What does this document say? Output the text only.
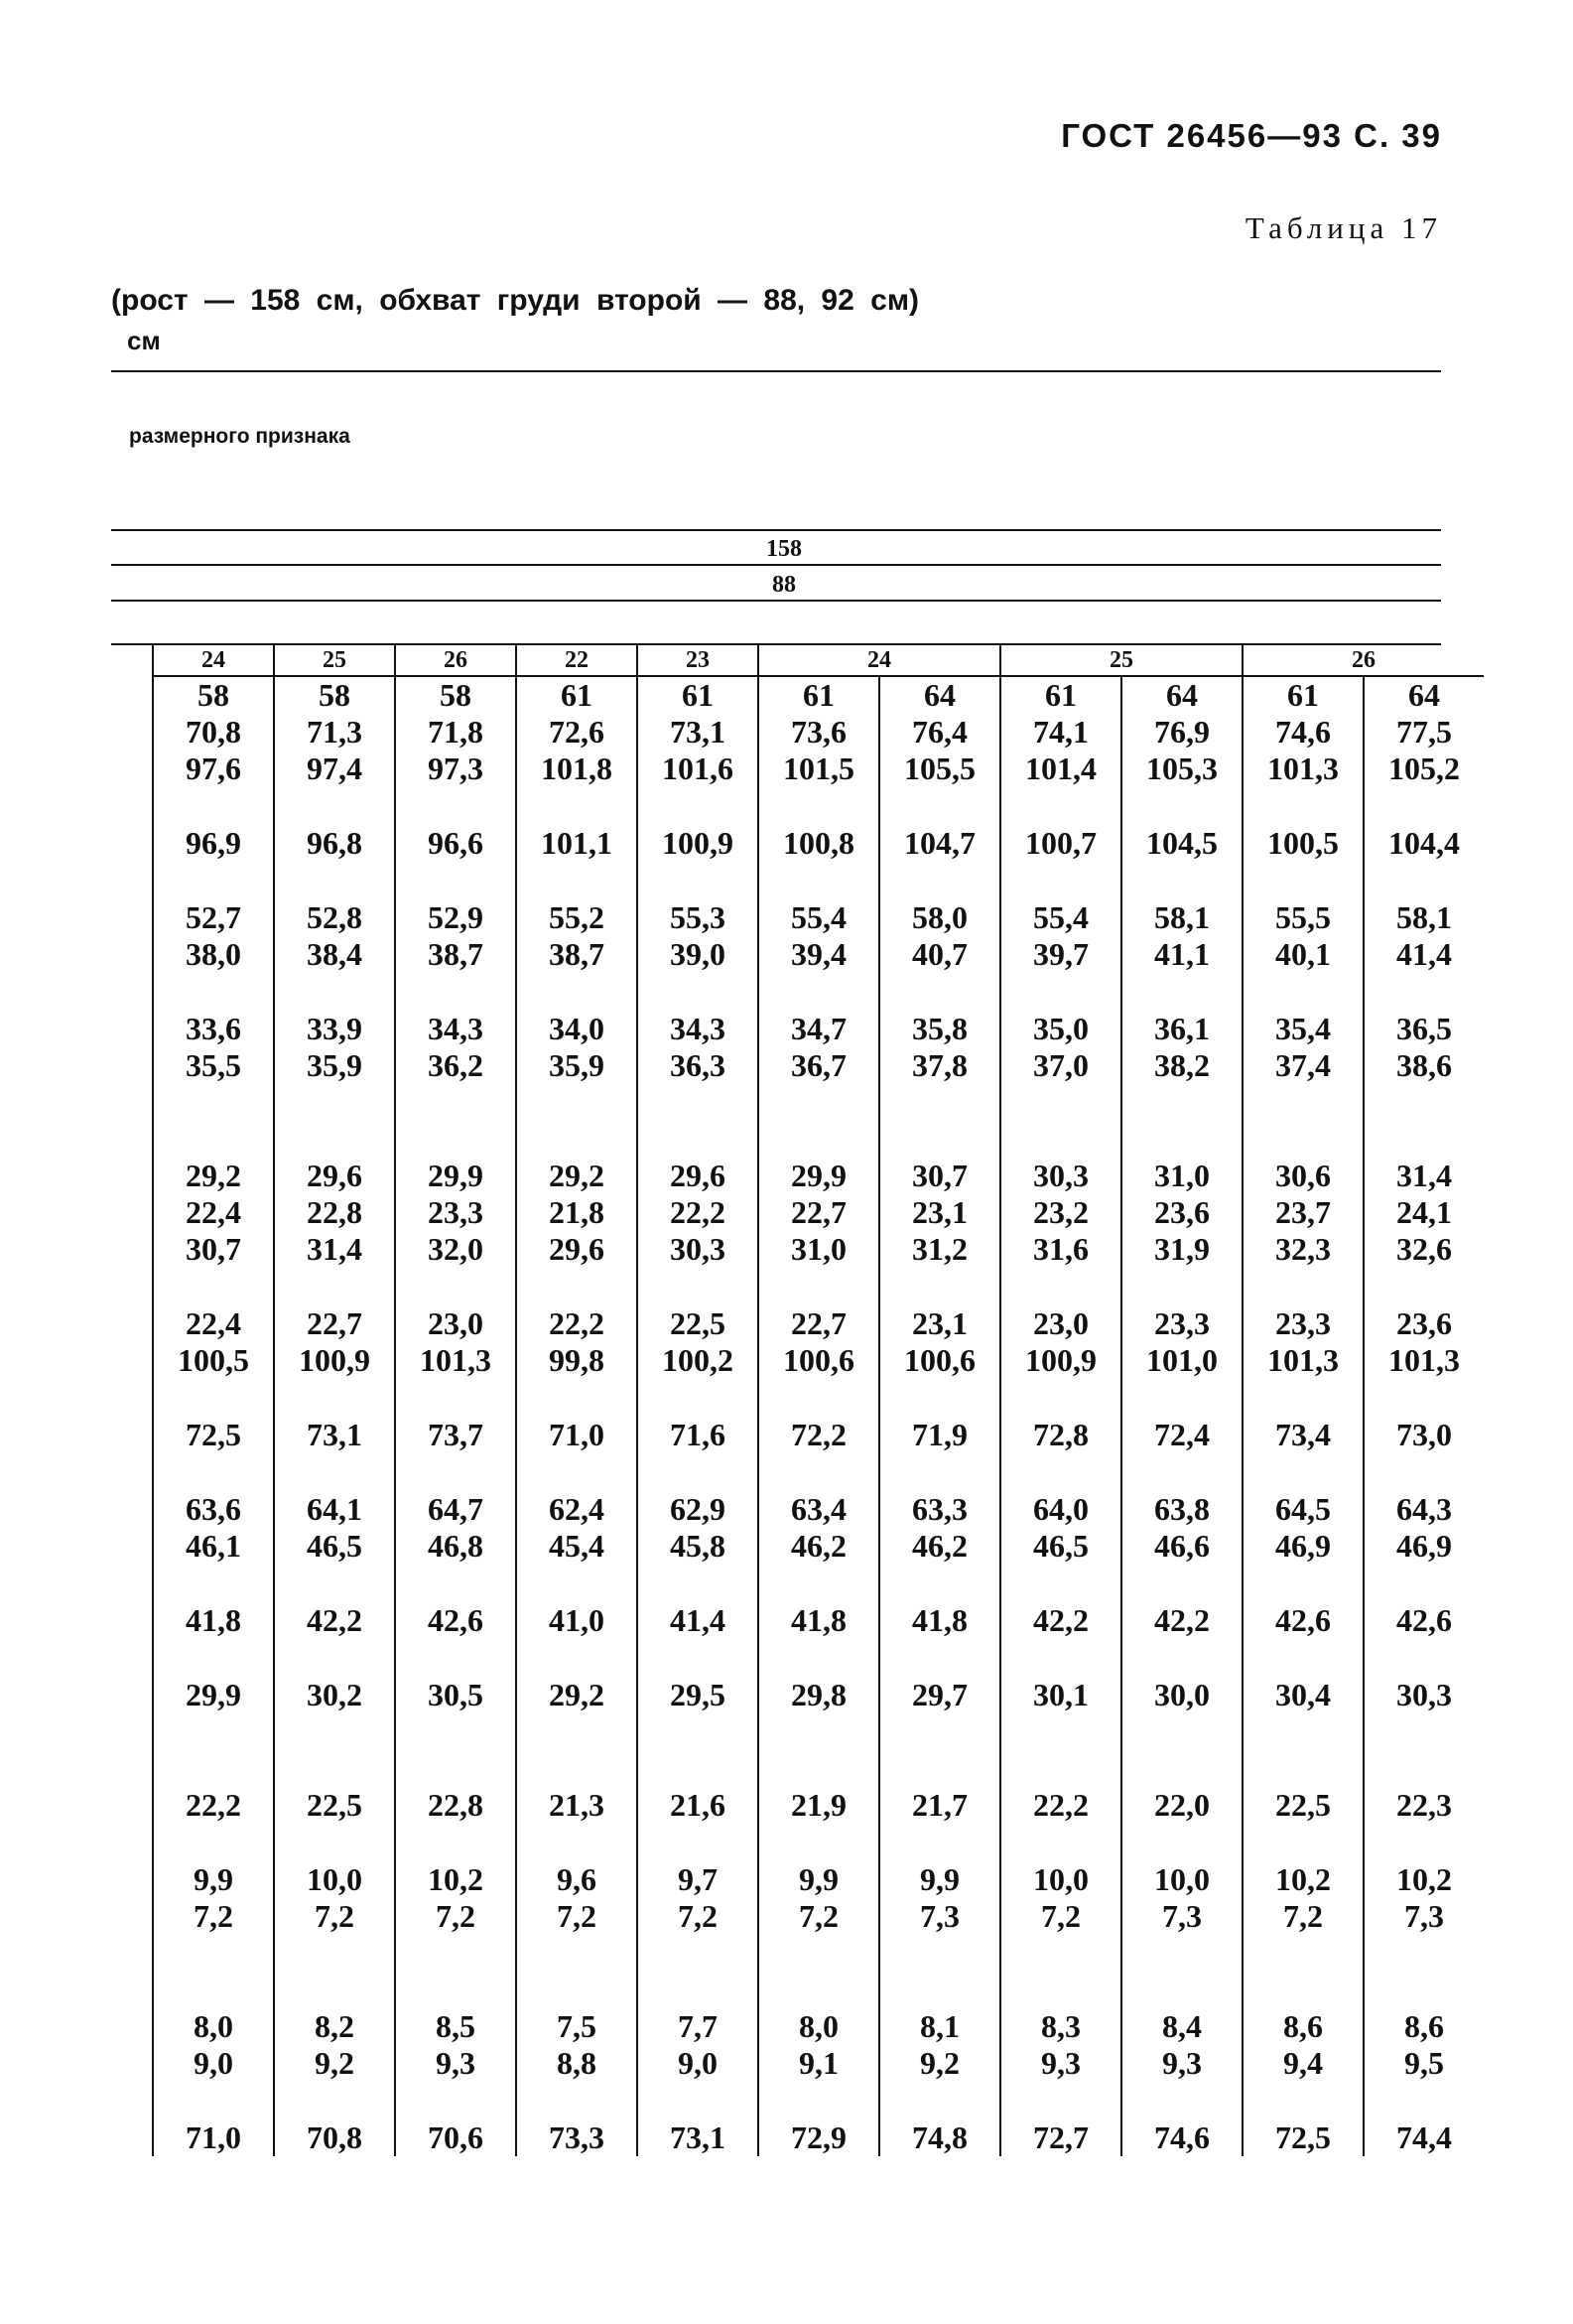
ГОСТ 26456—93 С. 39
Таблица 17
(рост — 158 см, обхват груди второй — 88, 92 см)
см
размерного признака
158
88
24	25	26	22	23	24		25		26	
58	58	58	61	61	61	64	61	64	61	64
70,8	71,3	71,8	72,6	73,1	73,6	76,4	74,1	76,9	74,6	77,5
97,6	97,4	97,3	101,8	101,6	101,5	105,5	101,4	105,3	101,3	105,2

96,9	96,8	96,6	101,1	100,9	100,8	104,7	100,7	104,5	100,5	104,4

52,7	52,8	52,9	55,2	55,3	55,4	58,0	55,4	58,1	55,5	58,1
38,0	38,4	38,7	38,7	39,0	39,4	40,7	39,7	41,1	40,1	41,4

33,6	33,9	34,3	34,0	34,3	34,7	35,8	35,0	36,1	35,4	36,5
35,5	35,9	36,2	35,9	36,3	36,7	37,8	37,0	38,2	37,4	38,6

29,2	29,6	29,9	29,2	29,6	29,9	30,7	30,3	31,0	30,6	31,4
22,4	22,8	23,3	21,8	22,2	22,7	23,1	23,2	23,6	23,7	24,1
30,7	31,4	32,0	29,6	30,3	31,0	31,2	31,6	31,9	32,3	32,6

22,4	22,7	23,0	22,2	22,5	22,7	23,1	23,0	23,3	23,3	23,6
100,5	100,9	101,3	99,8	100,2	100,6	100,6	100,9	101,0	101,3	101,3

72,5	73,1	73,7	71,0	71,6	72,2	71,9	72,8	72,4	73,4	73,0

63,6	64,1	64,7	62,4	62,9	63,4	63,3	64,0	63,8	64,5	64,3
46,1	46,5	46,8	45,4	45,8	46,2	46,2	46,5	46,6	46,9	46,9

41,8	42,2	42,6	41,0	41,4	41,8	41,8	42,2	42,2	42,6	42,6

29,9	30,2	30,5	29,2	29,5	29,8	29,7	30,1	30,0	30,4	30,3

22,2	22,5	22,8	21,3	21,6	21,9	21,7	22,2	22,0	22,5	22,3

9,9	10,0	10,2	9,6	9,7	9,9	9,9	10,0	10,0	10,2	10,2
7,2	7,2	7,2	7,2	7,2	7,2	7,3	7,2	7,3	7,2	7,3

8,0	8,2	8,5	7,5	7,7	8,0	8,1	8,3	8,4	8,6	8,6
9,0	9,2	9,3	8,8	9,0	9,1	9,2	9,3	9,3	9,4	9,5

71,0	70,8	70,6	73,3	73,1	72,9	74,8	72,7	74,6	72,5	74,4
